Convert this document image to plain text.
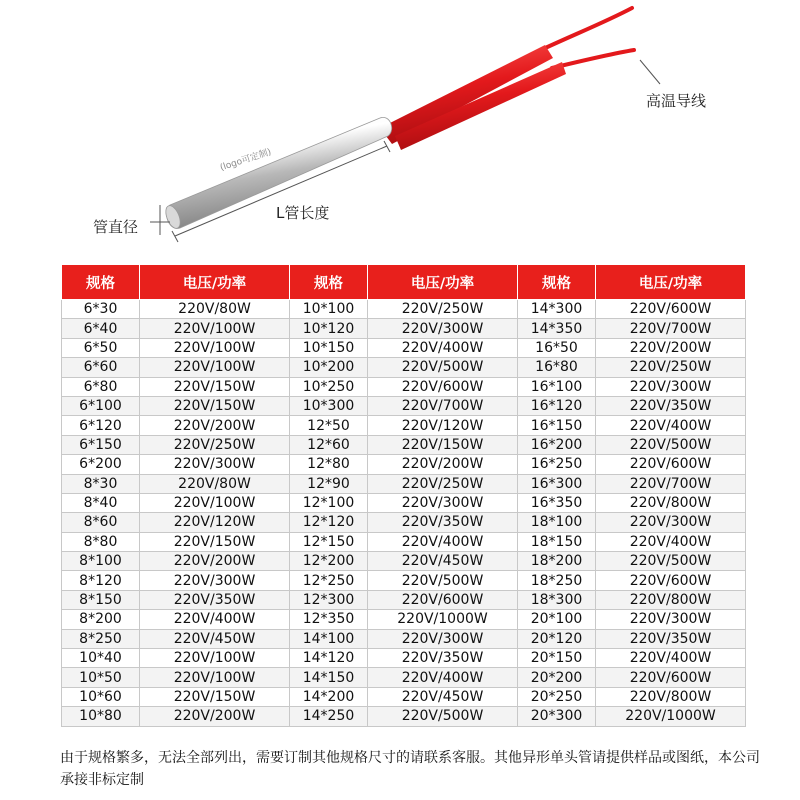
高温导线
管直径
L管长度
(logo可定制)
规格	电压/功率	规格	电压/功率	规格	电压/功率
6*30	220V/80W	10*100	220V/250W	14*300	220V/600W
6*40	220V/100W	10*120	220V/300W	14*350	220V/700W
6*50	220V/100W	10*150	220V/400W	16*50	220V/200W
6*60	220V/100W	10*200	220V/500W	16*80	220V/250W
6*80	220V/150W	10*250	220V/600W	16*100	220V/300W
6*100	220V/150W	10*300	220V/700W	16*120	220V/350W
6*120	220V/200W	12*50	220V/120W	16*150	220V/400W
6*150	220V/250W	12*60	220V/150W	16*200	220V/500W
6*200	220V/300W	12*80	220V/200W	16*250	220V/600W
8*30	220V/80W	12*90	220V/250W	16*300	220V/700W
8*40	220V/100W	12*100	220V/300W	16*350	220V/800W
8*60	220V/120W	12*120	220V/350W	18*100	220V/300W
8*80	220V/150W	12*150	220V/400W	18*150	220V/400W
8*100	220V/200W	12*200	220V/450W	18*200	220V/500W
8*120	220V/300W	12*250	220V/500W	18*250	220V/600W
8*150	220V/350W	12*300	220V/600W	18*300	220V/800W
8*200	220V/400W	12*350	220V/1000W	20*100	220V/300W
8*250	220V/450W	14*100	220V/300W	20*120	220V/350W
10*40	220V/100W	14*120	220V/350W	20*150	220V/400W
10*50	220V/100W	14*150	220V/400W	20*200	220V/600W
10*60	220V/150W	14*200	220V/450W	20*250	220V/800W
10*80	220V/200W	14*250	220V/500W	20*300	220V/1000W
由于规格繁多，无法全部列出，需要订制其他规格尺寸的请联系客服。其他异形单头管请提供样品或图纸，本公司承接非标定制
